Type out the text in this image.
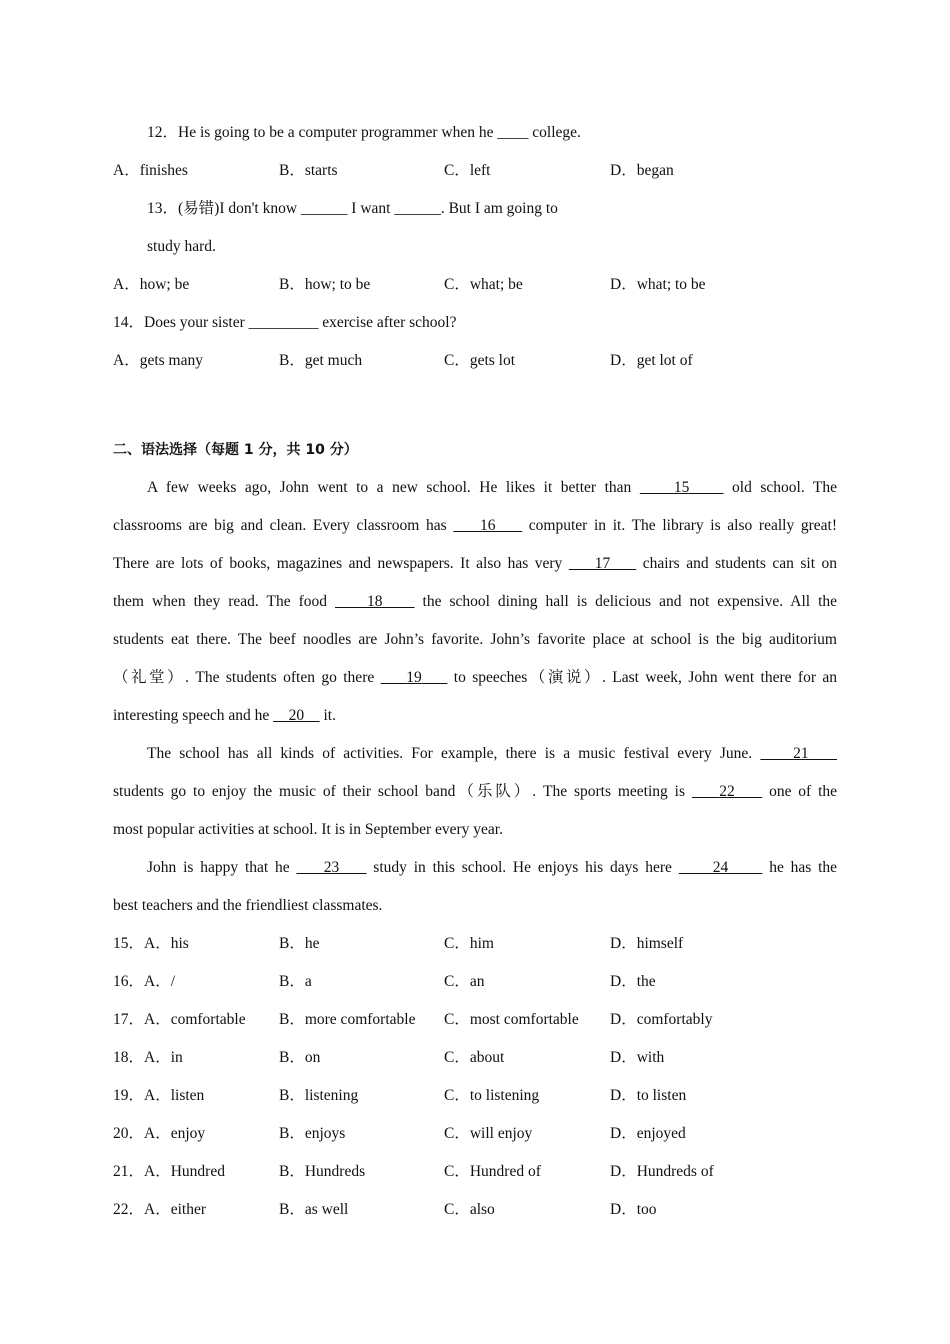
12．He is going to be a computer programmer when he ____ college.
A．finishes	B．starts	C．left	D．began
13．(易错)I don't know ______ I want ______. But I am going to
study hard.
A．how; be	B．how; to be	C．what; be	D．what; to be
14．Does your sister _________ exercise after school?
A．gets many	B．get much	C．gets lot	D．get lot of
二、语法选择（每题 1 分，共 10 分）
A few weeks ago, John went to a new school. He likes it better than     15     old school. The
classrooms are big and clean. Every classroom has     16     computer in it. The library is also really great!
There are lots of books, magazines and newspapers. It also has very     17     chairs and students can sit on
them when they read. The food     18     the school dining hall is delicious and not expensive. All the
students eat there. The beef noodles are John’s favorite. John’s favorite place at school is the big auditorium
（礼堂）. The students often go there     19     to speeches（演说）. Last week, John went there for an
interesting speech and he     20     it.
The school has all kinds of activities. For example, there is a music festival every June.     21
students go to enjoy the music of their school band（乐队）. The sports meeting is     22     one of the
most popular activities at school. It is in September every year.
John is happy that he     23     study in this school. He enjoys his days here      24      he has the
best teachers and the friendliest classmates.
15．A．his	B．he	C．him	D．himself
16．A．/	B．a	C．an	D．the
17．A．comfortable B．more comfortable C．most comfortable D．comfortably
18．A．in	B．on	C．about	D．with
19．A．listen	B．listening	C．to listening	D．to listen
20．A．enjoy	B．enjoys	C．will enjoy	D．enjoyed
21．A．Hundred	B．Hundreds	C．Hundred of	D．Hundreds of
22．A．either	B．as well	C．also	D．too
